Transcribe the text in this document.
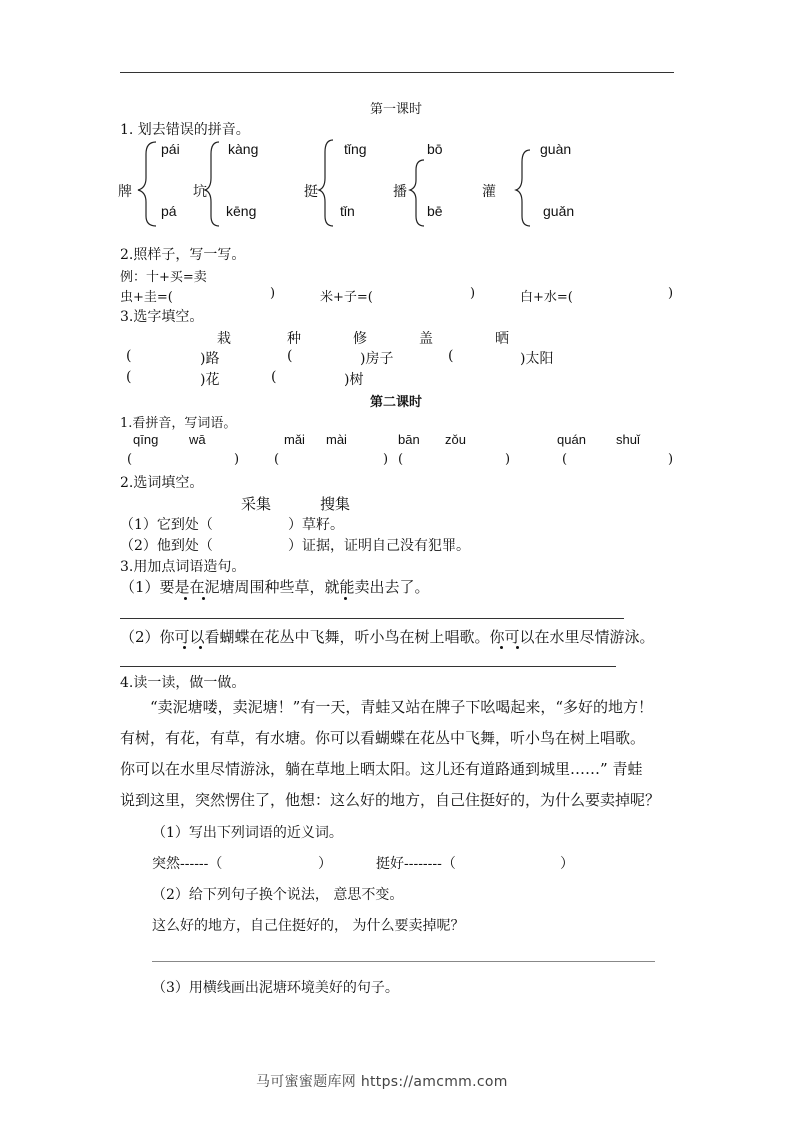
第一课时
1. 划去错误的拼音。
牌
pái
pá
坑
kàng
kēng
挺
tǐng
tǐn
播
bō
bē
灌
guàn
guǎn
2.照样子，写一写。
例：十+买=卖
虫+圭=(	)	米+子=(	)	白+水=(	)
3.选字填空。
栽	种	修	盖	晒
(	)路	(	)房子	(	)太阳
(	)花	(	)树
第二课时
1.看拼音，写词语。
qīng wā	mǎi mài	bān zǒu	quán shuǐ
(	)	(	) (	)	(	)
2.选词填空。
采集	搜集
（1）它到处（	）草籽。
（2）他到处（	）证据，证明自己没有犯罪。
3.用加点词语造句。
（1）要是在泥塘周围种些草，就能卖出去了。
（2）你可以看蝴蝶在花丛中飞舞，听小鸟在树上唱歌。你可以在水里尽情游泳。
4.读一读，做一做。
“卖泥塘喽，卖泥塘！”有一天，青蛙又站在牌子下吆喝起来，“多好的地方！
有树，有花，有草，有水塘。你可以看蝴蝶在花丛中飞舞，听小鸟在树上唱歌。
你可以在水里尽情游泳，躺在草地上晒太阳。这儿还有道路通到城里……” 青蛙
说到这里，突然愣住了，他想：这么好的地方，自己住挺好的，为什么要卖掉呢？
（1）写出下列词语的近义词。
突然------（	）	挺好--------（	）
（2）给下列句子换个说法， 意思不变。
这么好的地方，自己住挺好的， 为什么要卖掉呢？
（3）用横线画出泥塘环境美好的句子。
马可蜜蜜题库网 https://amcmm.com
